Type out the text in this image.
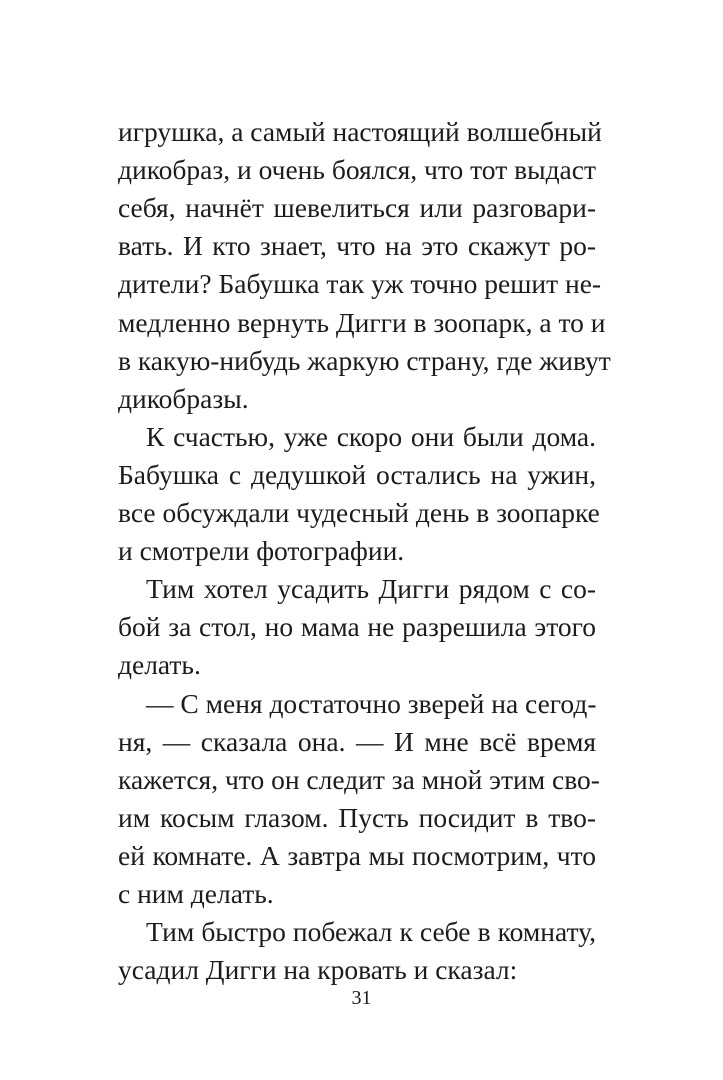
игрушка, а самый настоящий волшебный
дикобраз, и очень боялся, что тот выдаст
себя, начнёт шевелиться или разговари-
вать. И кто знает, что на это скажут ро-
дители? Бабушка так уж точно решит не-
медленно вернуть Дигги в зоопарк, а то и
в какую-нибудь жаркую страну, где живут
дикобразы.
К счастью, уже скоро они были дома.
Бабушка с дедушкой остались на ужин,
все обсуждали чудесный день в зоопарке
и смотрели фотографии.
Тим хотел усадить Дигги рядом с со-
бой за стол, но мама не разрешила этого
делать.
— С меня достаточно зверей на сегод-
ня, — сказала она. — И мне всё время
кажется, что он следит за мной этим сво-
им косым глазом. Пусть посидит в тво-
ей комнате. А завтра мы посмотрим, что
с ним делать.
Тим быстро побежал к себе в комнату,
усадил Дигги на кровать и сказал:
31
